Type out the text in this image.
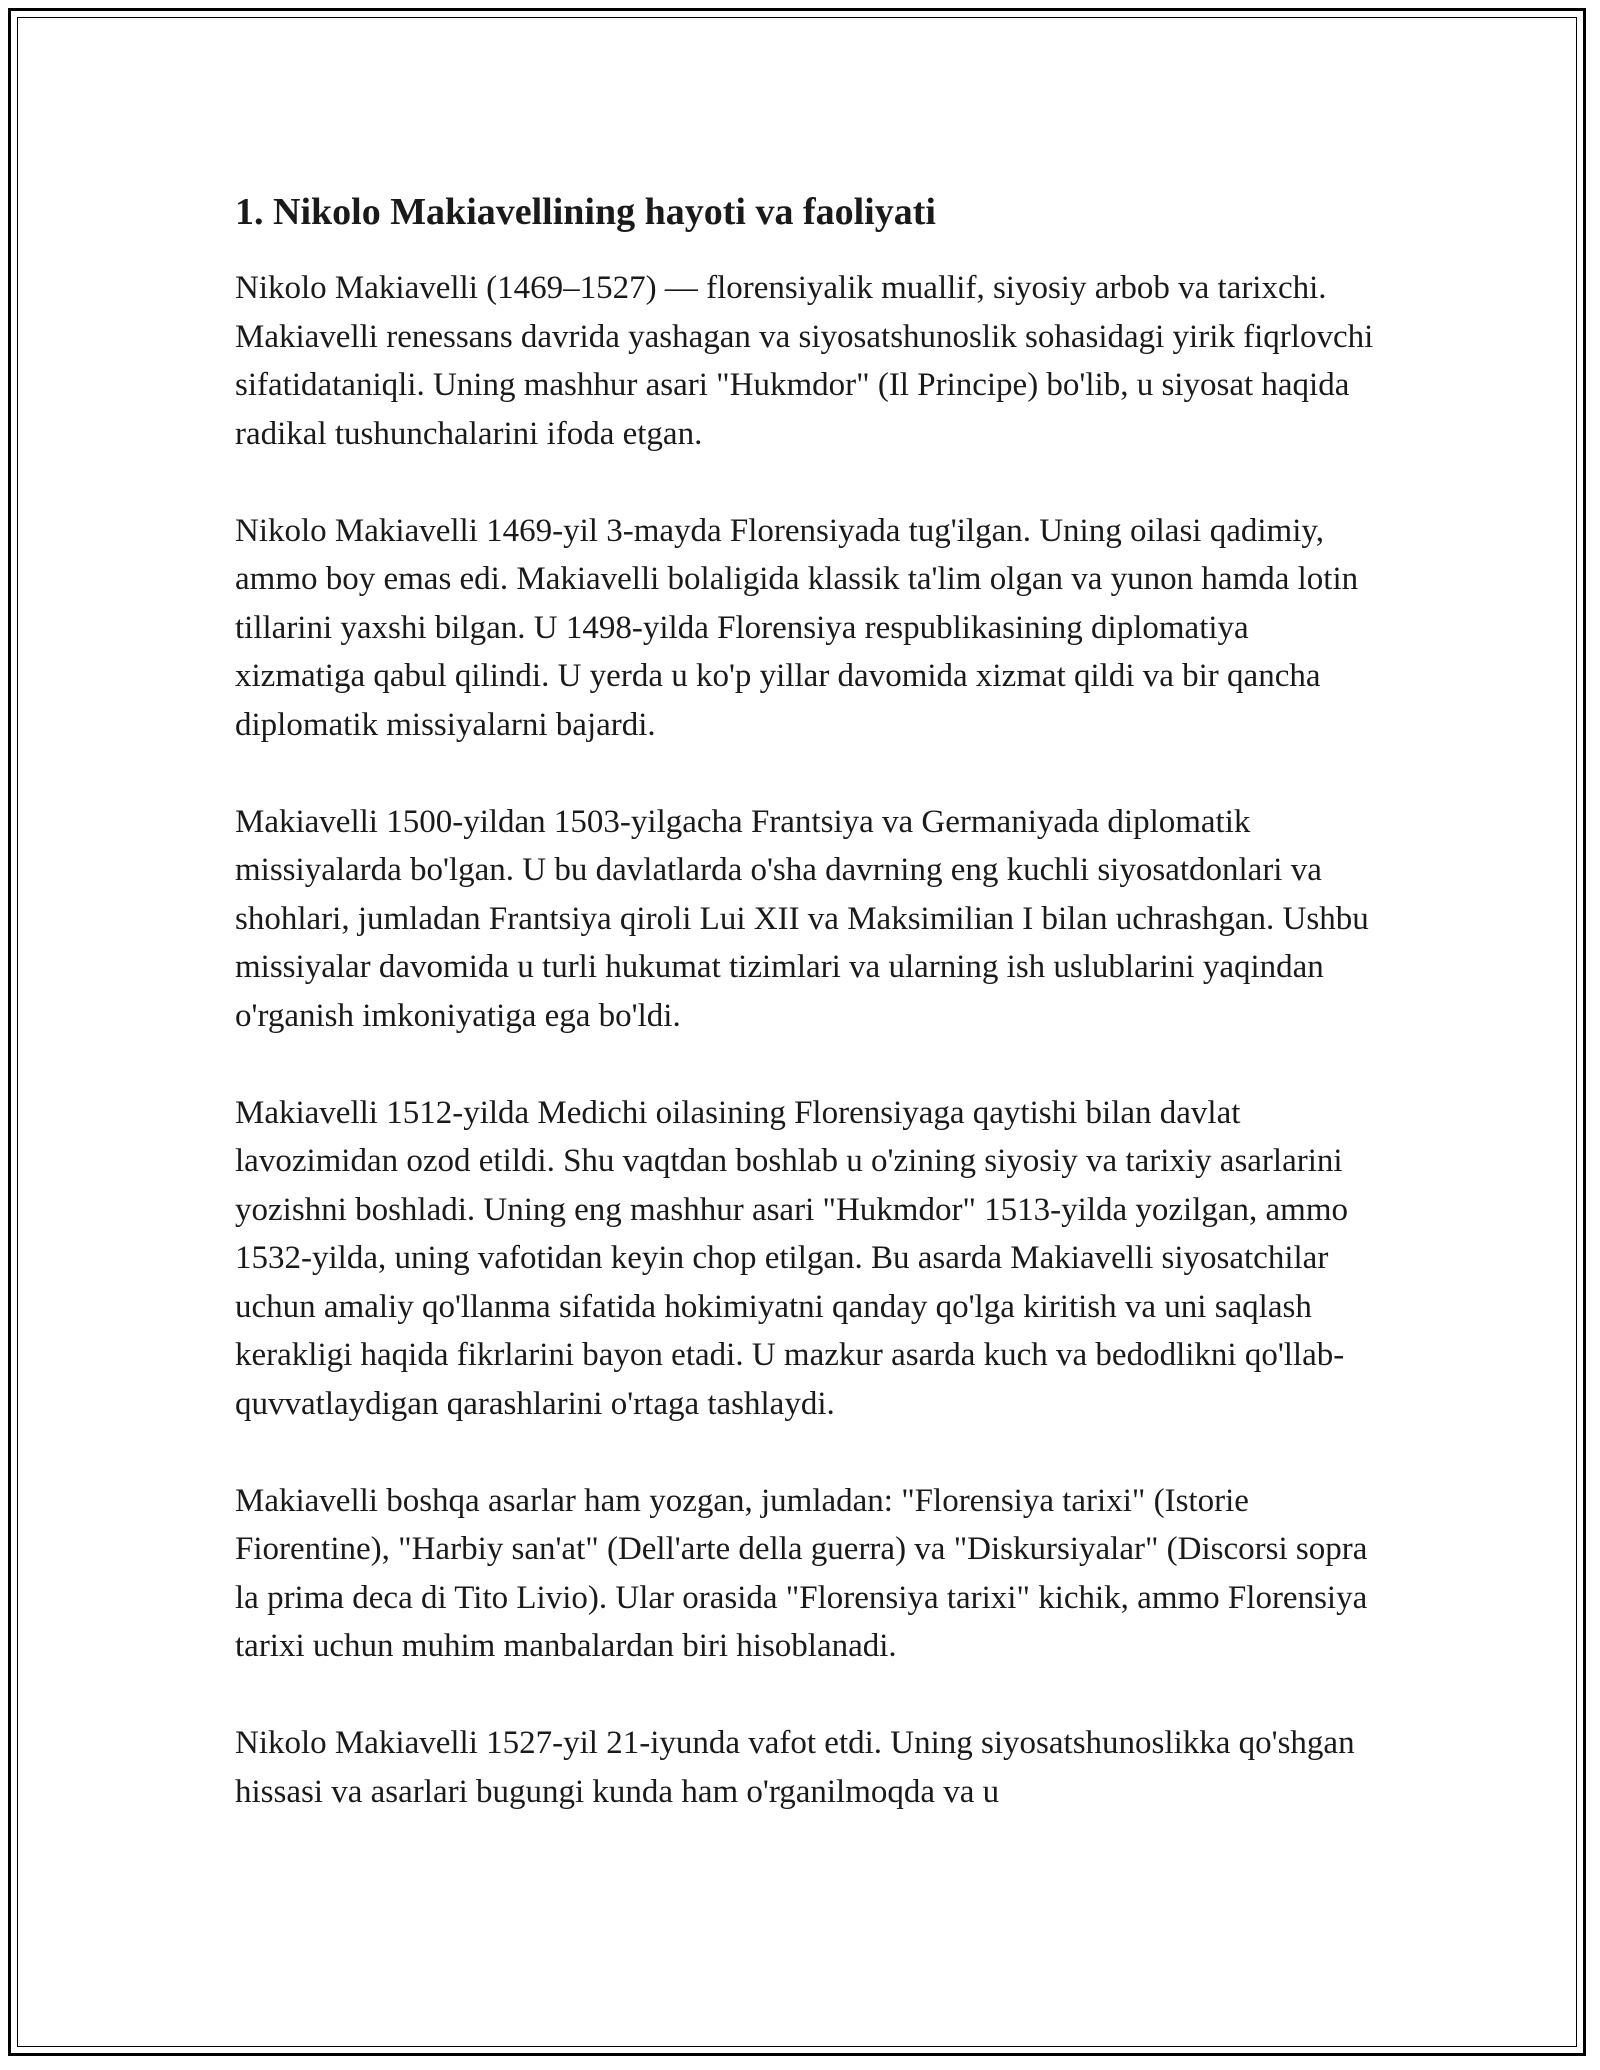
1. Nikolo Makiavellining hayoti va faoliyati

Nikolo Makiavelli (1469–1527) — florensiyalik muallif, siyosiy arbob va tarixchi. Makiavelli renessans davrida yashagan va siyosatshunoslik sohasidagi yirik fiqrlovchi sifatidataniqli. Uning mashhur asari "Hukmdor" (Il Principe) bo'lib, u siyosat haqida radikal tushunchalarini ifoda etgan.

Nikolo Makiavelli 1469-yil 3-mayda Florensiyada tug'ilgan. Uning oilasi qadimiy, ammo boy emas edi. Makiavelli bolaligida klassik ta'lim olgan va yunon hamda lotin tillarini yaxshi bilgan. U 1498-yilda Florensiya respublikasining diplomatiya xizmatiga qabul qilindi. U yerda u ko'p yillar davomida xizmat qildi va bir qancha diplomatik missiyalarni bajardi.

Makiavelli 1500-yildan 1503-yilgacha Frantsiya va Germaniyada diplomatik missiyalarda bo'lgan. U bu davlatlarda o'sha davrning eng kuchli siyosatdonlari va shohlari, jumladan Frantsiya qiroli Lui XII va Maksimilian I bilan uchrashgan. Ushbu missiyalar davomida u turli hukumat tizimlari va ularning ish uslublarini yaqindan o'rganish imkoniyatiga ega bo'ldi.

Makiavelli 1512-yilda Medichi oilasining Florensiyaga qaytishi bilan davlat lavozimidan ozod etildi. Shu vaqtdan boshlab u o'zining siyosiy va tarixiy asarlarini yozishni boshladi. Uning eng mashhur asari "Hukmdor" 1513-yilda yozilgan, ammo 1532-yilda, uning vafotidan keyin chop etilgan. Bu asarda Makiavelli siyosatchilar uchun amaliy qo'llanma sifatida hokimiyatni qanday qo'lga kiritish va uni saqlash kerakligi haqida fikrlarini bayon etadi. U mazkur asarda kuch va bedodlikni qo'llab-quvvatlaydigan qarashlarini o'rtaga tashlaydi.

Makiavelli boshqa asarlar ham yozgan, jumladan: "Florensiya tarixi" (Istorie Fiorentine), "Harbiy san'at" (Dell'arte della guerra) va "Diskursiyalar" (Discorsi sopra la prima deca di Tito Livio). Ular orasida "Florensiya tarixi" kichik, ammo Florensiya tarixi uchun muhim manbalardan biri hisoblanadi.

Nikolo Makiavelli 1527-yil 21-iyunda vafot etdi. Uning siyosatshunoslikka qo'shgan hissasi va asarlari bugungi kunda ham o'rganilmoqda va u
